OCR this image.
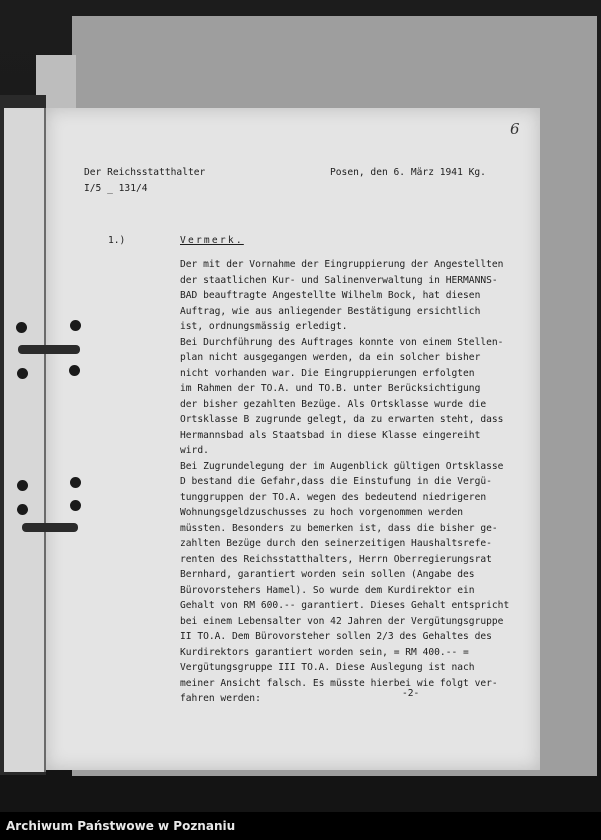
6
Der Reichsstatthalter
I/5 _ 131/4
Posen, den 6. März 1941 Kg.
1.)	Vermerk.
Der mit der Vornahme der Eingruppierung der Angestellten
der staatlichen Kur- und Salinenverwaltung in HERMANNS-
BAD beauftragte Angestellte Wilhelm Bock, hat diesen
Auftrag, wie aus anliegender Bestätigung ersichtlich
ist, ordnungsmässig erledigt.
Bei Durchführung des Auftrages konnte von einem Stellen-
plan nicht ausgegangen werden, da ein solcher bisher
nicht vorhanden war. Die Eingruppierungen erfolgten
im Rahmen der TO.A. und TO.B. unter Berücksichtigung
der bisher gezahlten Bezüge. Als Ortsklasse wurde die
Ortsklasse B zugrunde gelegt, da zu erwarten steht, dass
Hermannsbad als Staatsbad in diese Klasse eingereiht
wird.
Bei Zugrundelegung der im Augenblick gültigen Ortsklasse
D bestand die Gefahr,dass die Einstufung in die Vergü-
tunggruppen der TO.A. wegen des bedeutend niedrigeren
Wohnungsgeldzuschusses zu hoch vorgenommen werden
müssten. Besonders zu bemerken ist, dass die bisher ge-
zahlten Bezüge durch den seinerzeitigen Haushaltsrefe-
renten des Reichsstatthalters, Herrn Oberregierungsrat
Bernhard, garantiert worden sein sollen (Angabe des
Bürovorstehers Hamel). So wurde dem Kurdirektor ein
Gehalt von RM 600.-- garantiert. Dieses Gehalt entspricht
bei einem Lebensalter von 42 Jahren der Vergütungsgruppe
II TO.A. Dem Bürovorsteher sollen 2/3 des Gehaltes des
Kurdirektors garantiert worden sein, = RM 400.-- =
Vergütungsgruppe III TO.A. Diese Auslegung ist nach
meiner Ansicht falsch. Es müsste hierbei wie folgt ver-
fahren werden:	-2-
Archiwum Państwowe w Poznaniu
